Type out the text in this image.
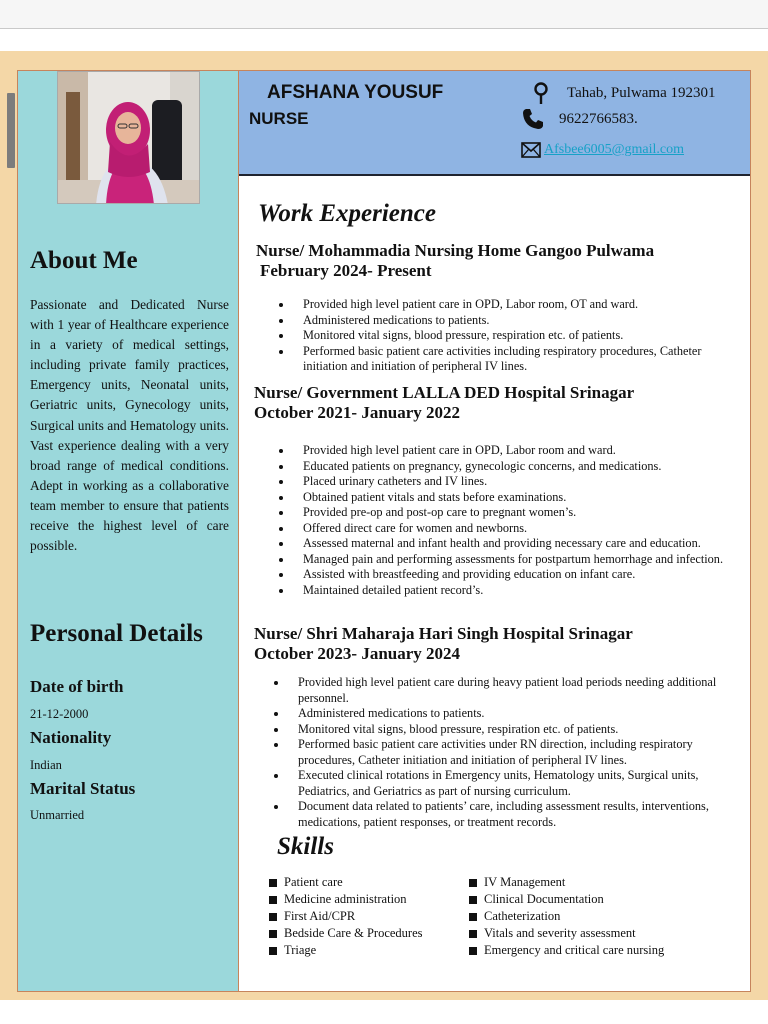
About Me
Passionate and Dedicated Nurse with 1 year of Healthcare experience in a variety of medical settings, including private family practices, Emergency units, Neonatal units, Geriatric units, Gynecology units, Surgical units and Hematology units. Vast experience dealing with a very broad range of medical conditions. Adept in working as a collaborative team member to ensure that patients receive the highest level of care possible.
Personal Details
Date of birth
21-12-2000
Nationality
Indian
Marital Status
Unmarried
AFSHANA YOUSUF
NURSE
Tahab, Pulwama 192301
9622766583.
Afsbee6005@gmail.com
Work Experience
Nurse/ Mohammadia Nursing Home Gangoo Pulwama
February 2024- Present
Provided high level patient care in OPD, Labor room, OT and ward.
Administered medications to patients.
Monitored vital signs, blood pressure, respiration etc. of patients.
Performed basic patient care activities including respiratory procedures, Catheter initiation and initiation of peripheral IV lines.
Nurse/ Government LALLA DED Hospital Srinagar
October 2021- January 2022
Provided high level patient care in OPD, Labor room and ward.
Educated patients on pregnancy, gynecologic concerns, and medications.
Placed urinary catheters and IV lines.
Obtained patient vitals and stats before examinations.
Provided pre-op and post-op care to pregnant women’s.
Offered direct care for women and newborns.
Assessed maternal and infant health and providing necessary care and education.
Managed pain and performing assessments for postpartum hemorrhage and infection.
Assisted with breastfeeding and providing education on infant care.
Maintained detailed patient record’s.
Nurse/ Shri Maharaja Hari Singh Hospital Srinagar
October 2023- January 2024
Provided high level patient care during heavy patient load periods needing additional personnel.
Administered medications to patients.
Monitored vital signs, blood pressure, respiration etc. of patients.
Performed basic patient care activities under RN direction, including respiratory procedures, Catheter initiation and initiation of peripheral IV lines.
Executed clinical rotations in Emergency units, Hematology units, Surgical units, Pediatrics, and Geriatrics as part of nursing curriculum.
Document data related to patients’ care, including assessment results, interventions, medications, patient responses, or treatment records.
Skills
Patient care
Medicine administration
First Aid/CPR
Bedside Care & Procedures
Triage
IV Management
Clinical Documentation
Catheterization
Vitals and severity assessment
Emergency and critical care nursing
